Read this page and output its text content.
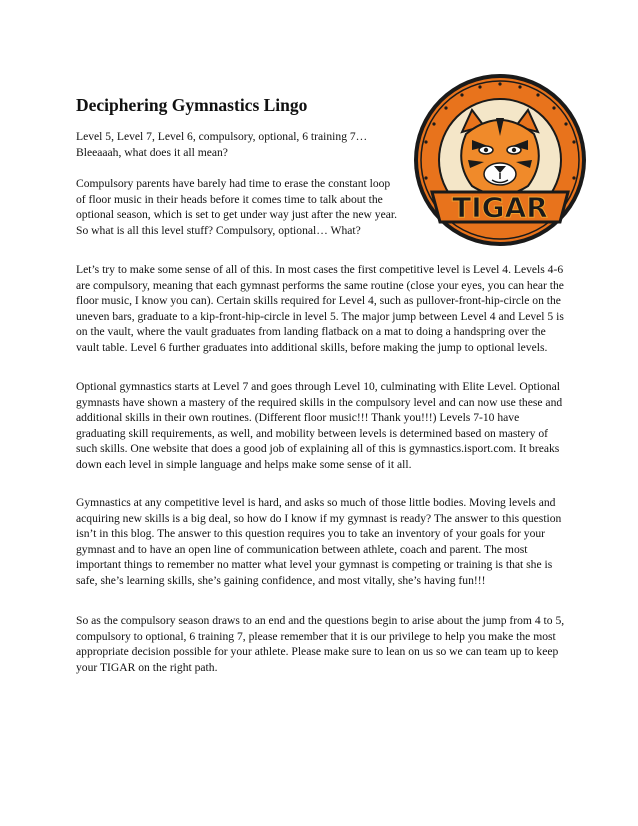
Deciphering Gymnastics Lingo

Level 5, Level 7, Level 6, compulsory, optional, 6 training 7… Bleeaaah, what does it all mean?

Compulsory parents have barely had time to erase the constant loop of floor music in their heads before it comes time to talk about the optional season, which is set to get under way just after the new year. So what is all this level stuff? Compulsory, optional… What?

Let’s try to make some sense of all of this. In most cases the first competitive level is Level 4. Levels 4-6 are compulsory, meaning that each gymnast performs the same routine (close your eyes, you can hear the floor music, I know you can). Certain skills required for Level 4, such as pullover-front-hip-circle on the uneven bars, graduate to a kip-front-hip-circle in level 5. The major jump between Level 4 and Level 5 is on the vault, where the vault graduates from landing flatback on a mat to doing a handspring over the vault table. Level 6 further graduates into additional skills, before making the jump to optional levels.

Optional gymnastics starts at Level 7 and goes through Level 10, culminating with Elite Level. Optional gymnasts have shown a mastery of the required skills in the compulsory level and can now use these and additional skills in their own routines. (Different floor music!!! Thank you!!!) Levels 7-10 have graduating skill requirements, as well, and mobility between levels is determined based on mastery of such skills. One website that does a good job of explaining all of this is gymnastics.isport.com. It breaks down each level in simple language and helps make some sense of it all.

Gymnastics at any competitive level is hard, and asks so much of those little bodies. Moving levels and acquiring new skills is a big deal, so how do I know if my gymnast is ready? The answer to this question isn’t in this blog. The answer to this question requires you to take an inventory of your goals for your gymnast and to have an open line of communication between athlete, coach and parent. The most important things to remember no matter what level your gymnast is competing or training is that she is safe, she’s learning skills, she’s gaining confidence, and most vitally, she’s having fun!!!

So as the compulsory season draws to an end and the questions begin to arise about the jump from 4 to 5, compulsory to optional, 6 training 7, please remember that it is our privilege to help you make the most appropriate decision possible for your athlete. Please make sure to lean on us so we can team up to keep your TIGAR on the right path.

TIGAR
